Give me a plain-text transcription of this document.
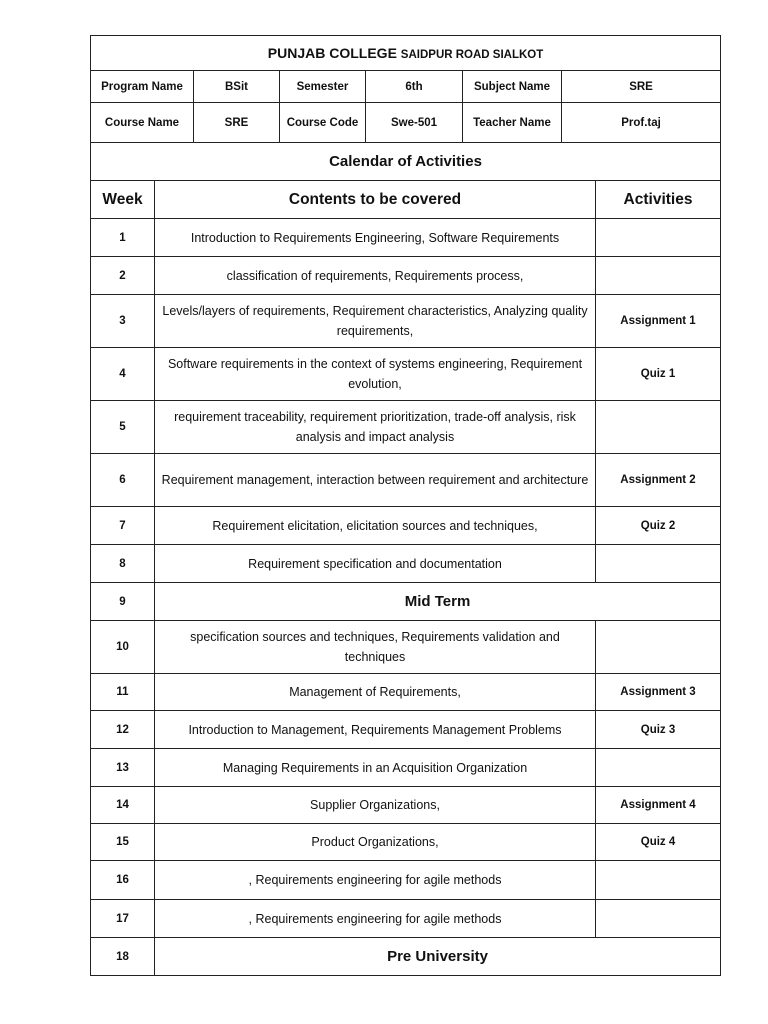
PUNJAB COLLEGE SAIDPUR ROAD SIALKOT					
Program Name	BSit	Semester	6th	Subject Name	SRE
Course Name	SRE	Course Code	Swe-501	Teacher Name	Prof.taj
Calendar of Activities		
Week	Contents to be covered	Activities
1	Introduction to Requirements Engineering, Software Requirements	
2	classification of requirements, Requirements process,	
3	Levels/layers of requirements, Requirement characteristics, Analyzing quality requirements,	Assignment 1
4	Software requirements in the context of systems engineering, Requirement evolution,	Quiz 1
5	requirement traceability, requirement prioritization, trade-off analysis, risk analysis and impact analysis	
6	Requirement management, interaction between requirement and architecture	Assignment 2
7	Requirement elicitation, elicitation sources and techniques,	Quiz 2
8	Requirement specification and documentation	
9	Mid Term	
10	specification sources and techniques, Requirements validation and techniques	
11	Management of Requirements,	Assignment 3
12	Introduction to Management, Requirements Management Problems	Quiz 3
13	Managing Requirements in an Acquisition Organization	
14	Supplier Organizations,	Assignment 4
15	Product Organizations,	Quiz 4
16	, Requirements engineering for agile methods	
17	, Requirements engineering for agile methods	
18	Pre University	
